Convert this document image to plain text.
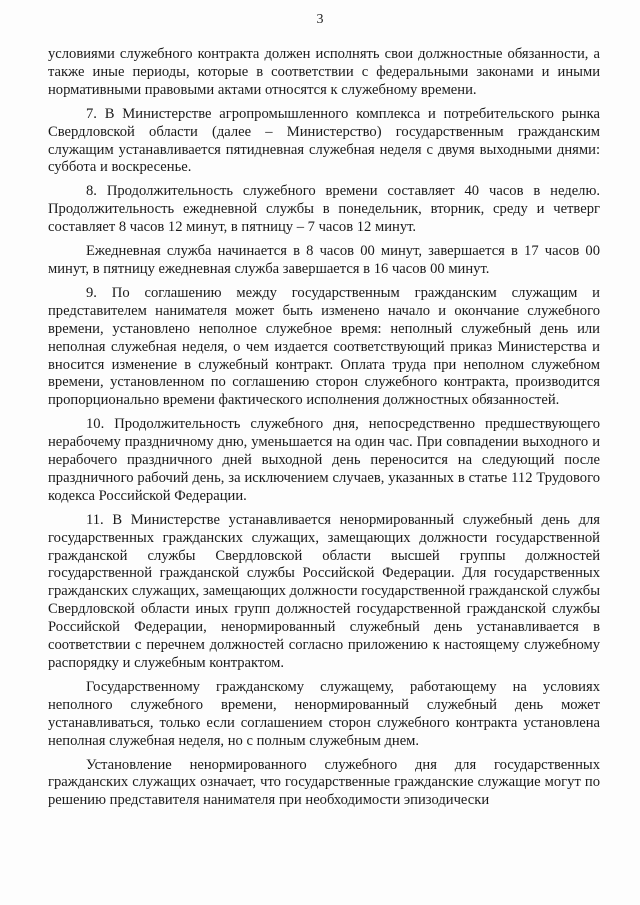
3

условиями служебного контракта должен исполнять свои должностные обязанности, а также иные периоды, которые в соответствии с федеральными законами и иными нормативными правовыми актами относятся к служебному времени.

7. В Министерстве агропромышленного комплекса и потребительского рынка Свердловской области (далее – Министерство) государственным гражданским служащим устанавливается пятидневная служебная неделя с двумя выходными днями: суббота и воскресенье.

8. Продолжительность служебного времени составляет 40 часов в неделю. Продолжительность ежедневной службы в понедельник, вторник, среду и четверг составляет 8 часов 12 минут, в пятницу – 7 часов 12 минут.

Ежедневная служба начинается в 8 часов 00 минут, завершается в 17 часов 00 минут, в пятницу ежедневная служба завершается в 16 часов 00 минут.

9. По соглашению между государственным гражданским служащим и представителем нанимателя может быть изменено начало и окончание служебного времени, установлено неполное служебное время: неполный служебный день или неполная служебная неделя, о чем издается соответствующий приказ Министерства и вносится изменение в служебный контракт. Оплата труда при неполном служебном времени, установленном по соглашению сторон служебного контракта, производится пропорционально времени фактического исполнения должностных обязанностей.

10. Продолжительность служебного дня, непосредственно предшествующего нерабочему праздничному дню, уменьшается на один час. При совпадении выходного и нерабочего праздничного дней выходной день переносится на следующий после праздничного рабочий день, за исключением случаев, указанных в статье 112 Трудового кодекса Российской Федерации.

11. В Министерстве устанавливается ненормированный служебный день для государственных гражданских служащих, замещающих должности государственной гражданской службы Свердловской области высшей группы должностей государственной гражданской службы Российской Федерации. Для государственных гражданских служащих, замещающих должности государственной гражданской службы Свердловской области иных групп должностей государственной гражданской службы Российской Федерации, ненормированный служебный день устанавливается в соответствии с перечнем должностей согласно приложению к настоящему служебному распорядку и служебным контрактом.

Государственному гражданскому служащему, работающему на условиях неполного служебного времени, ненормированный служебный день может устанавливаться, только если соглашением сторон служебного контракта установлена неполная служебная неделя, но с полным служебным днем.

Установление ненормированного служебного дня для государственных гражданских служащих означает, что государственные гражданские служащие могут по решению представителя нанимателя при необходимости эпизодически
